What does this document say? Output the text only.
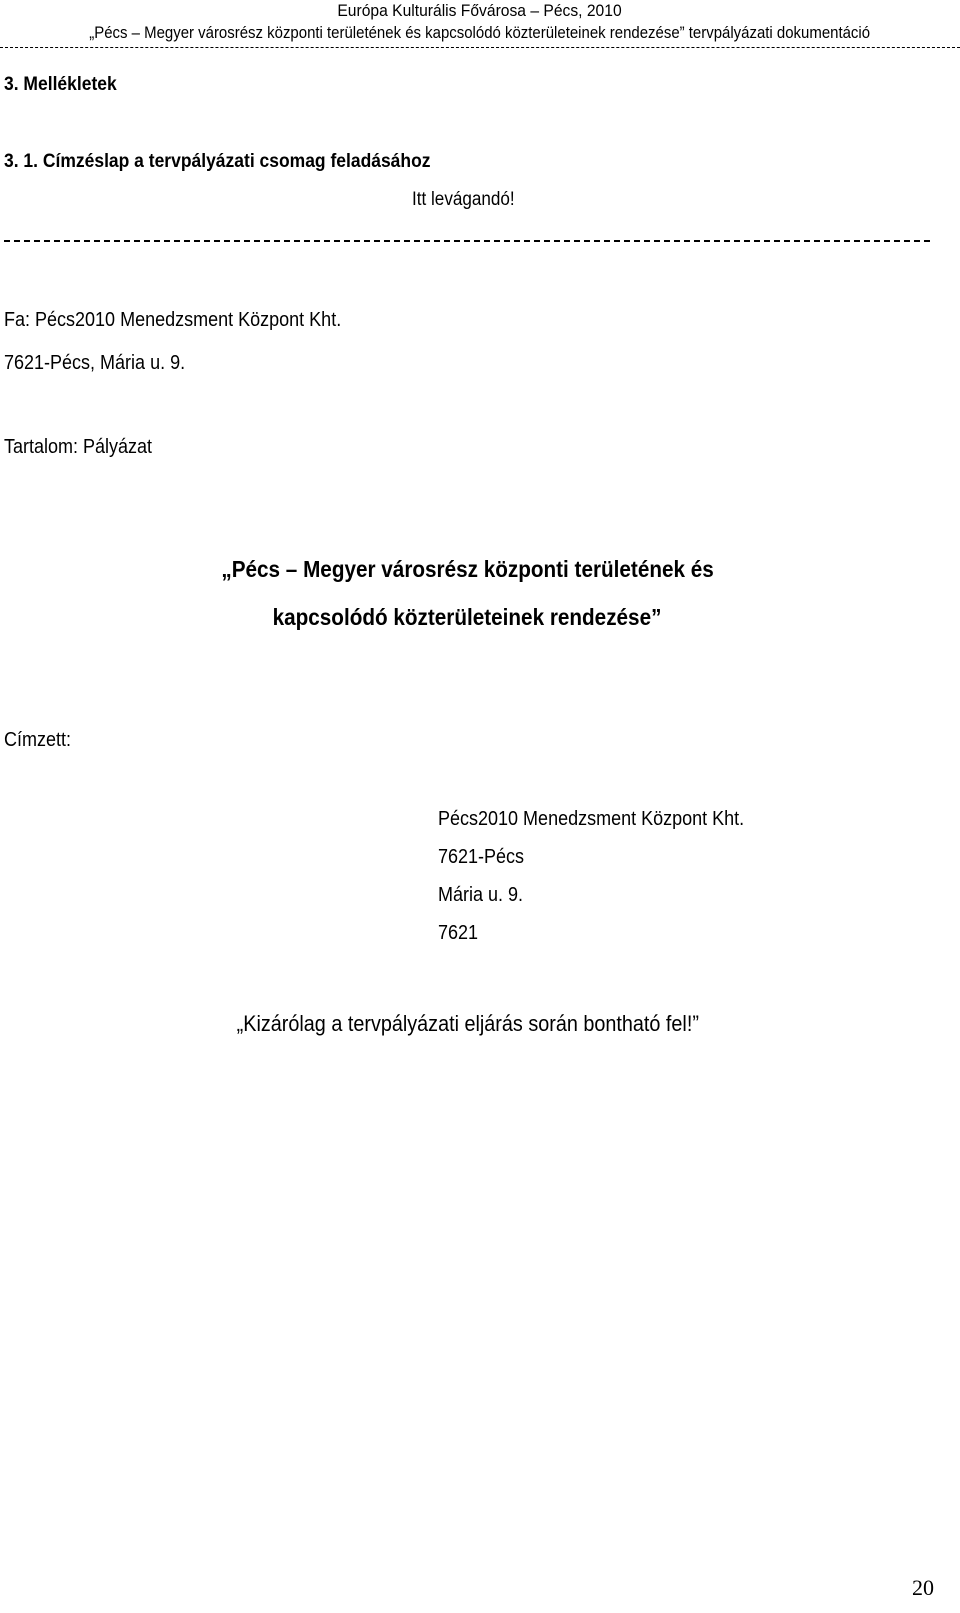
Európa Kulturális Fővárosa – Pécs, 2010
„Pécs – Megyer városrész központi területének és kapcsolódó közterületeinek rendezése” tervpályázati dokumentáció
3. Mellékletek
3. 1. Címzéslap a tervpályázati csomag feladásához
Itt levágandó!
Fa: Pécs2010 Menedzsment Központ Kht.
7621-Pécs, Mária u. 9.
Tartalom: Pályázat
„Pécs – Megyer városrész központi területének és
kapcsolódó közterületeinek rendezése”
Címzett:
Pécs2010 Menedzsment Központ Kht.
7621-Pécs
Mária u. 9.
7621
„Kizárólag a tervpályázati eljárás során bontható fel!”
20
